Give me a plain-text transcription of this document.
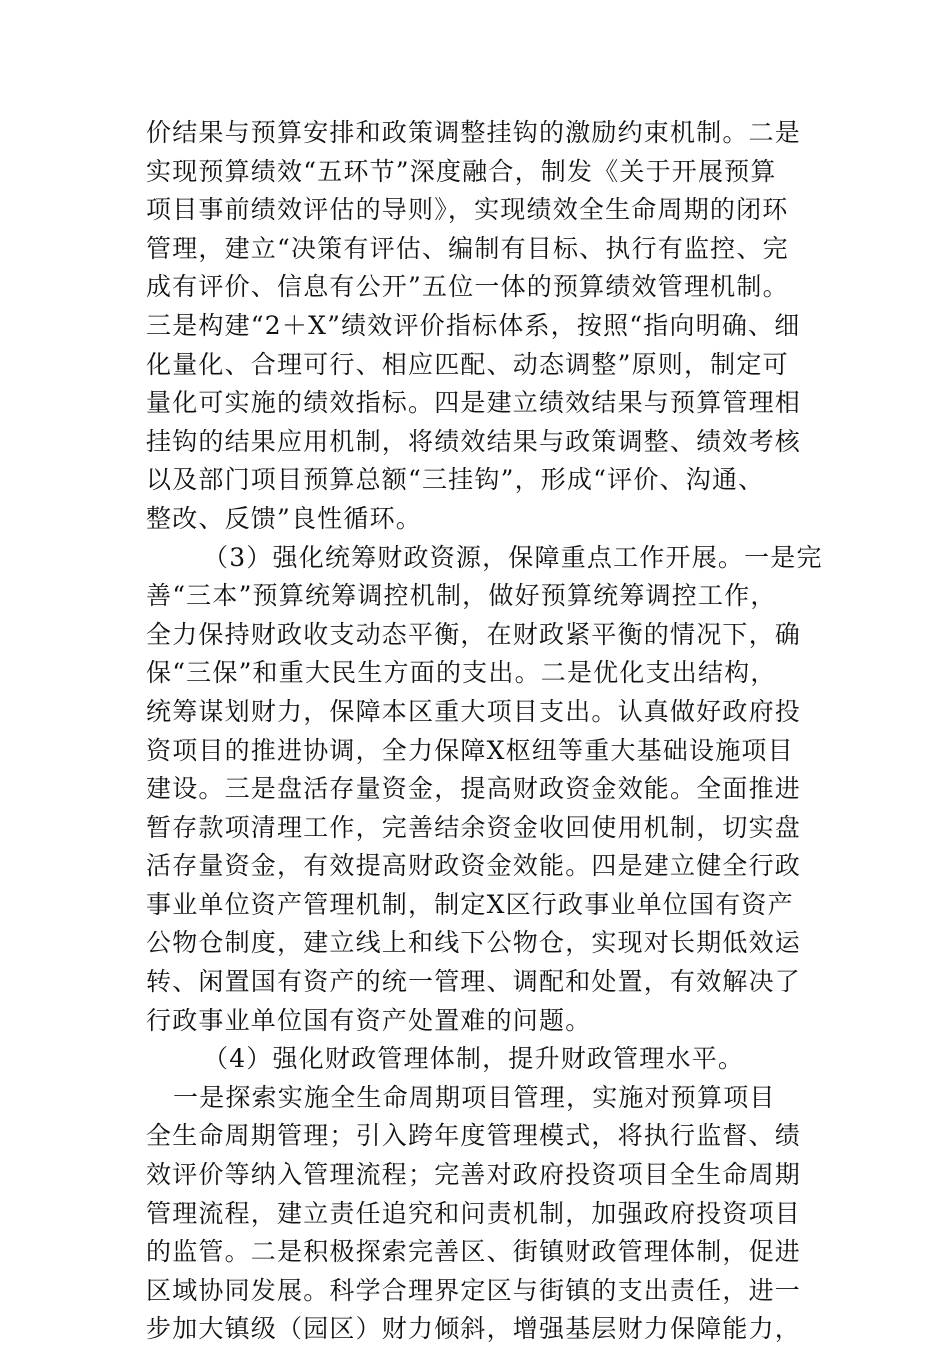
价结果与预算安排和政策调整挂钩的激励约束机制。二是
实现预算绩效“五环节”深度融合，制发《关于开展预算
项目事前绩效评估的导则》，实现绩效全生命周期的闭环
管理，建立“决策有评估、编制有目标、执行有监控、完
成有评价、信息有公开”五位一体的预算绩效管理机制。
三是构建“2＋X”绩效评价指标体系，按照“指向明确、细
化量化、合理可行、相应匹配、动态调整”原则，制定可
量化可实施的绩效指标。四是建立绩效结果与预算管理相
挂钩的结果应用机制，将绩效结果与政策调整、绩效考核
以及部门项目预算总额“三挂钩”，形成“评价、沟通、
整改、反馈”良性循环。
（3）强化统筹财政资源，保障重点工作开展。一是完
善“三本”预算统筹调控机制，做好预算统筹调控工作，
全力保持财政收支动态平衡，在财政紧平衡的情况下，确
保“三保”和重大民生方面的支出。二是优化支出结构，
统筹谋划财力，保障本区重大项目支出。认真做好政府投
资项目的推进协调，全力保障X枢纽等重大基础设施项目
建设。三是盘活存量资金，提高财政资金效能。全面推进
暂存款项清理工作，完善结余资金收回使用机制，切实盘
活存量资金，有效提高财政资金效能。四是建立健全行政
事业单位资产管理机制，制定X区行政事业单位国有资产
公物仓制度，建立线上和线下公物仓，实现对长期低效运
转、闲置国有资产的统一管理、调配和处置，有效解决了
行政事业单位国有资产处置难的问题。
（4）强化财政管理体制，提升财政管理水平。
一是探索实施全生命周期项目管理，实施对预算项目
全生命周期管理；引入跨年度管理模式，将执行监督、绩
效评价等纳入管理流程；完善对政府投资项目全生命周期
管理流程，建立责任追究和问责机制，加强政府投资项目
的监管。二是积极探索完善区、街镇财政管理体制，促进
区域协同发展。科学合理界定区与街镇的支出责任，进一
步加大镇级（园区）财力倾斜，增强基层财力保障能力，
